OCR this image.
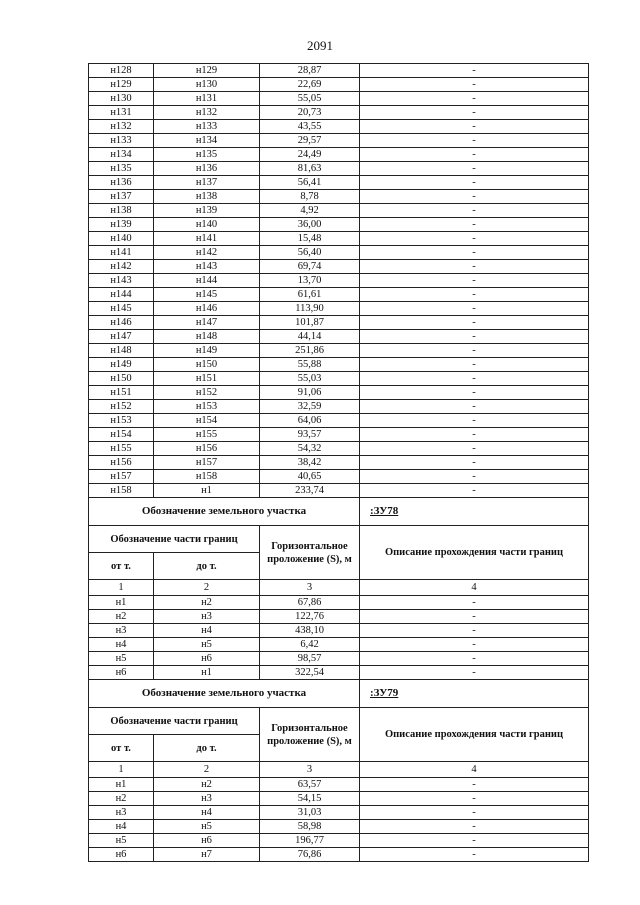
2091
н128	н129	28,87	-
н129	н130	22,69	-
н130	н131	55,05	-
н131	н132	20,73	-
н132	н133	43,55	-
н133	н134	29,57	-
н134	н135	24,49	-
н135	н136	81,63	-
н136	н137	56,41	-
н137	н138	8,78	-
н138	н139	4,92	-
н139	н140	36,00	-
н140	н141	15,48	-
н141	н142	56,40	-
н142	н143	69,74	-
н143	н144	13,70	-
н144	н145	61,61	-
н145	н146	113,90	-
н146	н147	101,87	-
н147	н148	44,14	-
н148	н149	251,86	-
н149	н150	55,88	-
н150	н151	55,03	-
н151	н152	91,06	-
н152	н153	32,59	-
н153	н154	64,06	-
н154	н155	93,57	-
н155	н156	54,32	-
н156	н157	38,42	-
н157	н158	40,65	-
н158	н1	233,74	-
Обозначение земельного участка			:ЗУ78
Обозначение части границ		Горизонтальное проложение (S), м	Описание прохождения части границ
от т.	до т.		
1	2	3	4
н1	н2	67,86	-
н2	н3	122,76	-
н3	н4	438,10	-
н4	н5	6,42	-
н5	н6	98,57	-
н6	н1	322,54	-
Обозначение земельного участка			:ЗУ79
Обозначение части границ		Горизонтальное проложение (S), м	Описание прохождения части границ
от т.	до т.		
1	2	3	4
н1	н2	63,57	-
н2	н3	54,15	-
н3	н4	31,03	-
н4	н5	58,98	-
н5	н6	196,77	-
н6	н7	76,86	-
